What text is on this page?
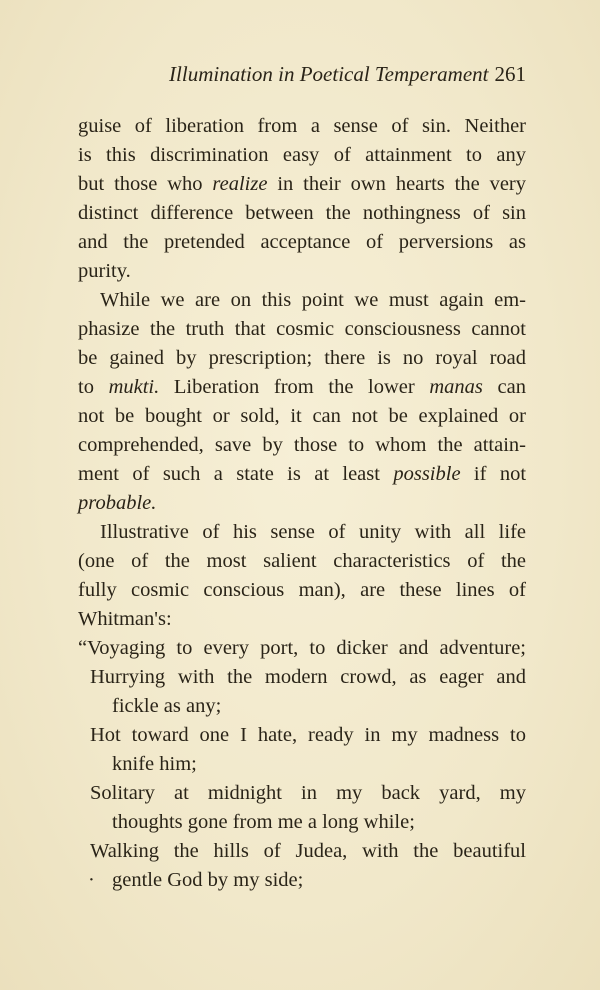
Illumination in Poetical Temperament 261
guise of liberation from a sense of sin. Neither
is this discrimination easy of attainment to any
but those who realize in their own hearts the very
distinct difference between the nothingness of sin
and the pretended acceptance of perversions as
purity.
While we are on this point we must again em-
phasize the truth that cosmic consciousness cannot
be gained by prescription; there is no royal road
to mukti. Liberation from the lower manas can
not be bought or sold, it can not be explained or
comprehended, save by those to whom the attain-
ment of such a state is at least possible if not
probable.
Illustrative of his sense of unity with all life
(one of the most salient characteristics of the
fully cosmic conscious man), are these lines of
Whitman's:
“Voyaging to every port, to dicker and adventure;
Hurrying with the modern crowd, as eager and
fickle as any;
Hot toward one I hate, ready in my madness to
knife him;
Solitary at midnight in my back yard, my
thoughts gone from me a long while;
Walking the hills of Judea, with the beautiful
· gentle God by my side;
